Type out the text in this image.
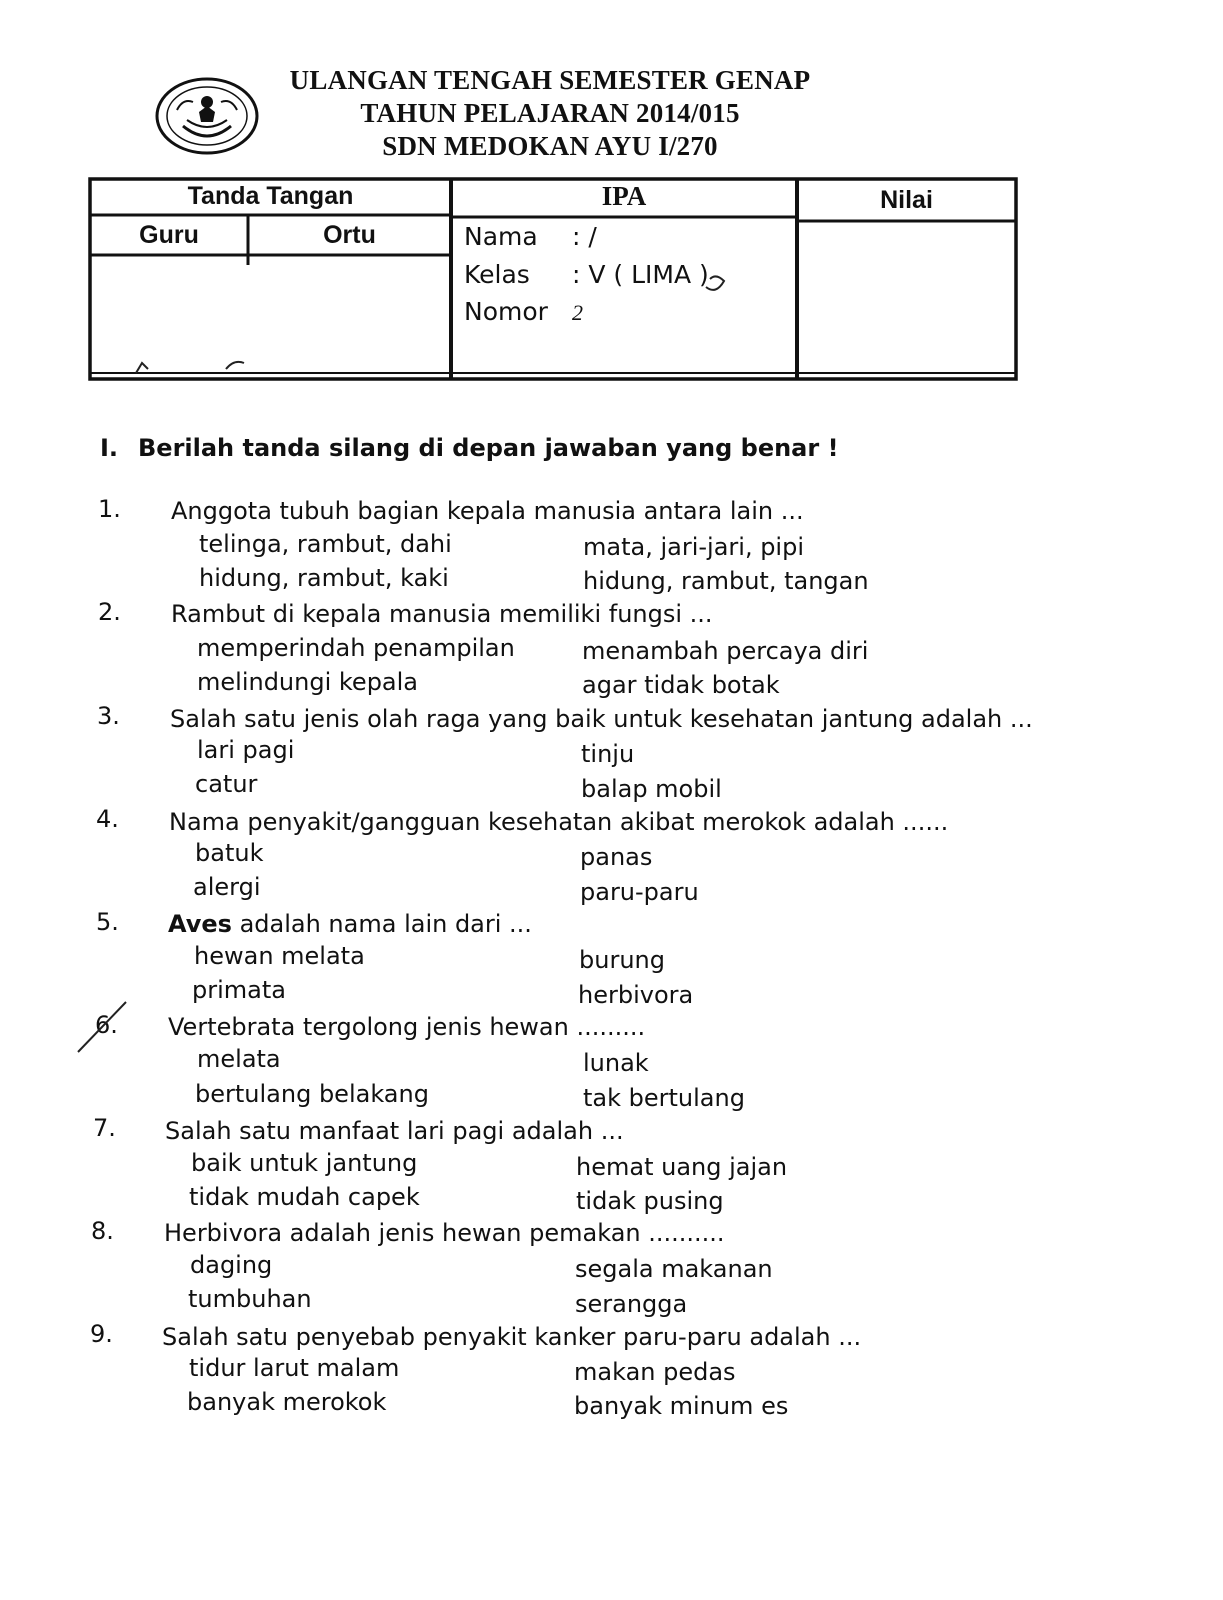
ULANGAN TENGAH SEMESTER GENAP
TAHUN PELAJARAN 2014/015
SDN MEDOKAN AYU I/270
Tanda Tangan
Guru	Ortu
IPA	Nilai
Nama : /
Kelas : V ( LIMA )
Nomor 2
I. Berilah tanda silang di depan jawaban yang benar !
1. Anggota tubuh bagian kepala manusia antara lain ...
telinga, rambut, dahi	mata, jari-jari, pipi
hidung, rambut, kaki	hidung, rambut, tangan
2. Rambut di kepala manusia memiliki fungsi ...
memperindah penampilan	menambah percaya diri
melindungi kepala	agar tidak botak
3. Salah satu jenis olah raga yang baik untuk kesehatan jantung adalah ...
lari pagi	tinju
catur	balap mobil
4. Nama penyakit/gangguan kesehatan akibat merokok adalah ......
batuk	panas
alergi	paru-paru
5. Aves adalah nama lain dari ...
hewan melata	burung
primata	herbivora
6. Vertebrata tergolong jenis hewan .........
melata	lunak
bertulang belakang	tak bertulang
7. Salah satu manfaat lari pagi adalah ...
baik untuk jantung	hemat uang jajan
tidak mudah capek	tidak pusing
8. Herbivora adalah jenis hewan pemakan ..........
daging	segala makanan
tumbuhan	serangga
9. Salah satu penyebab penyakit kanker paru-paru adalah ...
tidur larut malam	makan pedas
banyak merokok	banyak minum es
